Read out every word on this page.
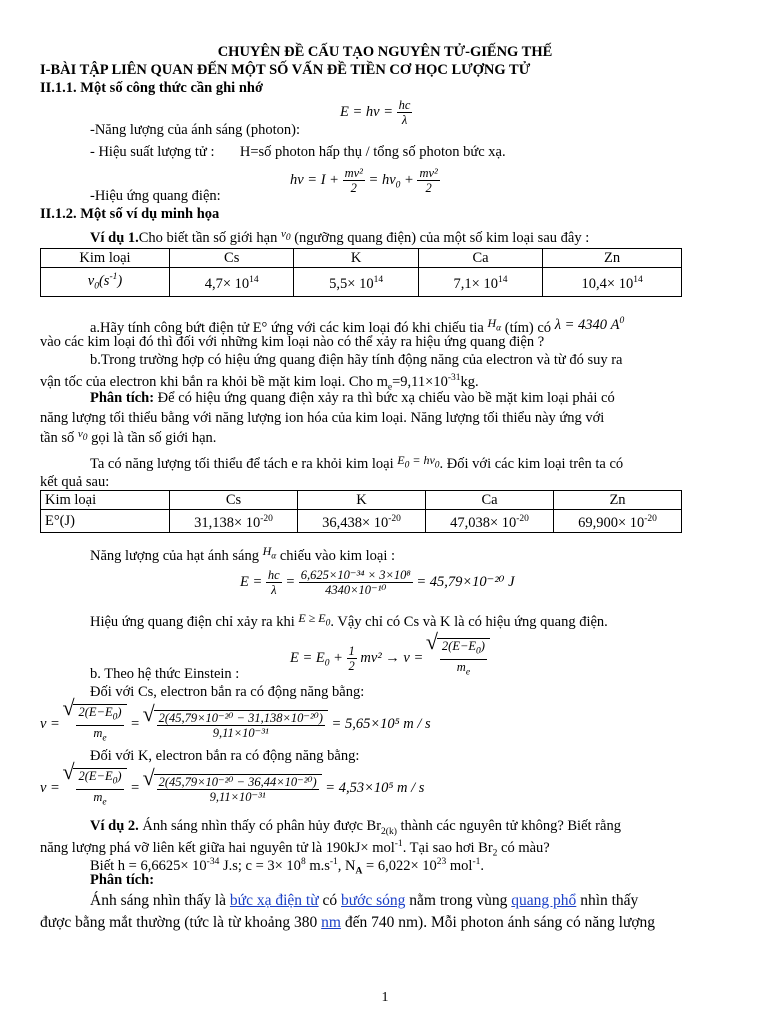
CHUYÊN ĐỀ CẤU TẠO NGUYÊN TỬ-GIẾNG THẾ
I-BÀI TẬP LIÊN QUAN ĐẾN MỘT SỐ VẤN ĐỀ TIỀN CƠ HỌC LƯỢNG TỬ
II.1.1. Một số công thức cần ghi nhớ
$E = h\nu = \frac{hc}{\lambda}$
-Năng lượng của ánh sáng (photon):
- Hiệu suất lượng tử :       H=số photon hấp thụ / tổng số photon bức xạ.
$h\nu = I + \frac{\text{mv²}}{2} = h\nu_0 + \frac{\text{mv²}}{2}$
-Hiệu ứng quang điện:
II.1.2. Một số ví dụ minh họa
Ví dụ 1.Cho biết tần số giới hạn $^{\nu_0}$ (ngưỡng quang điện) của một số kim loại sau đây :
Kim loại	Cs	K	Ca	Zn
$\nu_0(s^{-1})$	$4,7\times 10^{14}$	$5,5\times 10^{14}$	$7,1\times 10^{14}$	$10,4\times 10^{14}$
a.Hãy tính công bứt điện tử E° ứng với các kim loại đó khi chiếu tia $^{H_\alpha}$ (tím) có λ = 4340 $A^0$
vào các kim loại đó thì đối với những kim loại nào có thể xảy ra hiệu ứng quang điện ?
b.Trong trường hợp có hiệu ứng quang điện hãy tính động năng của electron và từ đó suy ra
vận tốc của electron khi bắn ra khỏi bề mặt kim loại. Cho $m_e=9,11\times 10^{-31}kg$.
Phân tích: Để có hiệu ứng quang điện xảy ra thì bức xạ chiếu vào bề mặt kim loại phải có
năng lượng tối thiểu bằng với năng lượng ion hóa của kim loại. Năng lượng tối thiểu này ứng với
tần số $^{\nu_0}$ gọi là tần số giới hạn.
Ta có năng lượng tối thiểu để tách e ra khỏi kim loại $^{E_0 = h\nu_0}$. Đối với các kim loại trên ta có
kết quả sau:
Kim loại	Cs	K	Ca	Zn
E°(J)	$31,138\times 10^{-20}$	$36,438\times 10^{-20}$	$47,038\times 10^{-20}$	$69,900\times 10^{-20}$
Năng lượng của hạt ánh sáng $^{H_\alpha}$ chiếu vào kim loại :
$E = \frac{hc}{\lambda} = \frac{\text{6,625×10⁻³⁴ × 3×10⁸}}{\text{4340×10⁻¹⁰}} = 45,79\times 10^{-20}$ J
Hiệu ứng quang điện chỉ xảy ra khi $^{E \ge E_0}$. Vậy chỉ có Cs và K là có hiệu ứng quang điện.
$E = E_0 + \frac{1}{2} mv^2 \to v$ = √ $\frac{2(E-E_0)}{m_e}$
b. Theo hệ thức Einstein :
Đối với Cs, electron bắn ra có động năng bằng:
v = √ $\frac{2(E-E_0)}{m_e}$ = √ $\frac{\text{2(45,79×10⁻²⁰ − 31,138×10⁻²⁰)}}{\text{9,11×10⁻³¹}} = 5,65\times 10^5$ m / s
Đối với K, electron bắn ra có động năng bằng:
v = √ $\frac{2(E-E_0)}{m_e}$ = √ $\frac{\text{2(45,79×10⁻²⁰ − 36,44×10⁻²⁰)}}{\text{9,11×10⁻³¹}} = 4,53\times 10^5$ m / s
Ví dụ 2. Ánh sáng nhìn thấy có phân hủy được $Br_{2(k)}$ thành các nguyên tử không? Biết rằng
năng lượng phá vỡ liên kết giữa hai nguyên tử là 190kJ× mol$^{-1}$. Tại sao hơi $Br_2$ có màu?
Biết $h = 6,6625\times 10^{-34}$ J.s; $c = 3\times 10^8$ $m.s^{-1}$, $N_A = 6,022\times 10^{23}$ mol$^{-1}$.
Phân tích:
Ánh sáng nhìn thấy là bức xạ điện từ có bước sóng nằm trong vùng quang phổ nhìn thấy
được bằng mắt thường (tức là từ khoảng 380 nm đến 740 nm). Mỗi photon ánh sáng có năng lượng
1
